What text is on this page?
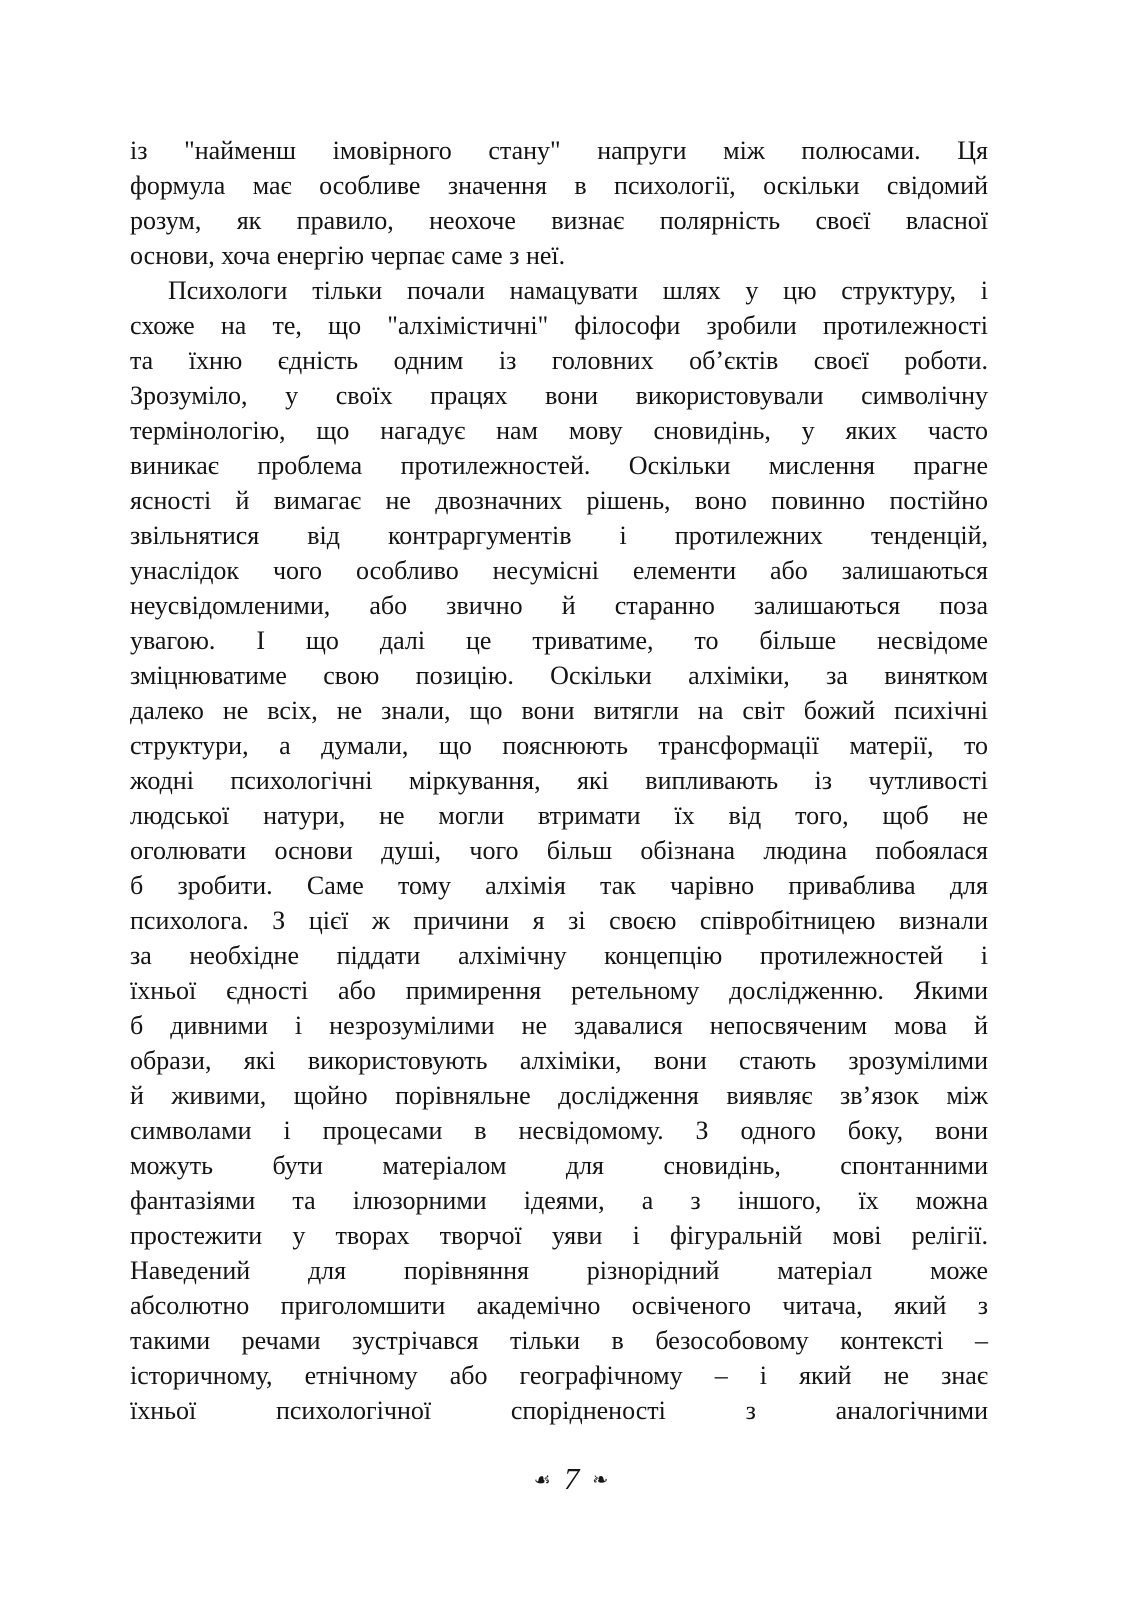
із "найменш імовірного стану" напруги між полюсами. Ця
формула має особливе значення в психології, оскільки свідомий
розум, як правило, неохоче визнає полярність своєї власної
основи, хоча енергію черпає саме з неї.
Психологи тільки почали намацувати шлях у цю структуру, і
схоже на те, що "алхімістичні" філософи зробили протилежності
та їхню єдність одним із головних об’єктів своєї роботи.
Зрозуміло, у своїх працях вони використовували символічну
термінологію, що нагадує нам мову сновидінь, у яких часто
виникає проблема протилежностей. Оскільки мислення прагне
ясності й вимагає не двозначних рішень, воно повинно постійно
звільнятися від контраргументів і протилежних тенденцій,
унаслідок чого особливо несумісні елементи або залишаються
неусвідомленими, або звично й старанно залишаються поза
увагою. І що далі це триватиме, то більше несвідоме
зміцнюватиме свою позицію. Оскільки алхіміки, за винятком
далеко не всіх, не знали, що вони витягли на світ божий психічні
структури, а думали, що пояснюють трансформації матерії, то
жодні психологічні міркування, які випливають із чутливості
людської натури, не могли втримати їх від того, щоб не
оголювати основи душі, чого більш обізнана людина побоялася
б зробити. Саме тому алхімія так чарівно приваблива для
психолога. З цієї ж причини я зі своєю співробітницею визнали
за необхідне піддати алхімічну концепцію протилежностей і
їхньої єдності або примирення ретельному дослідженню. Якими
б дивними і незрозумілими не здавалися непосвяченим мова й
образи, які використовують алхіміки, вони стають зрозумілими
й живими, щойно порівняльне дослідження виявляє зв’язок між
символами і процесами в несвідомому. З одного боку, вони
можуть бути матеріалом для сновидінь, спонтанними
фантазіями та ілюзорними ідеями, а з іншого, їх можна
простежити у творах творчої уяви і фігуральній мові релігії.
Наведений для порівняння різнорідний матеріал може
абсолютно приголомшити академічно освіченого читача, який з
такими речами зустрічався тільки в безособовому контексті –
історичному, етнічному або географічному – і який не знає
їхньої психологічної спорідненості з аналогічними
☙ 7 ❧
